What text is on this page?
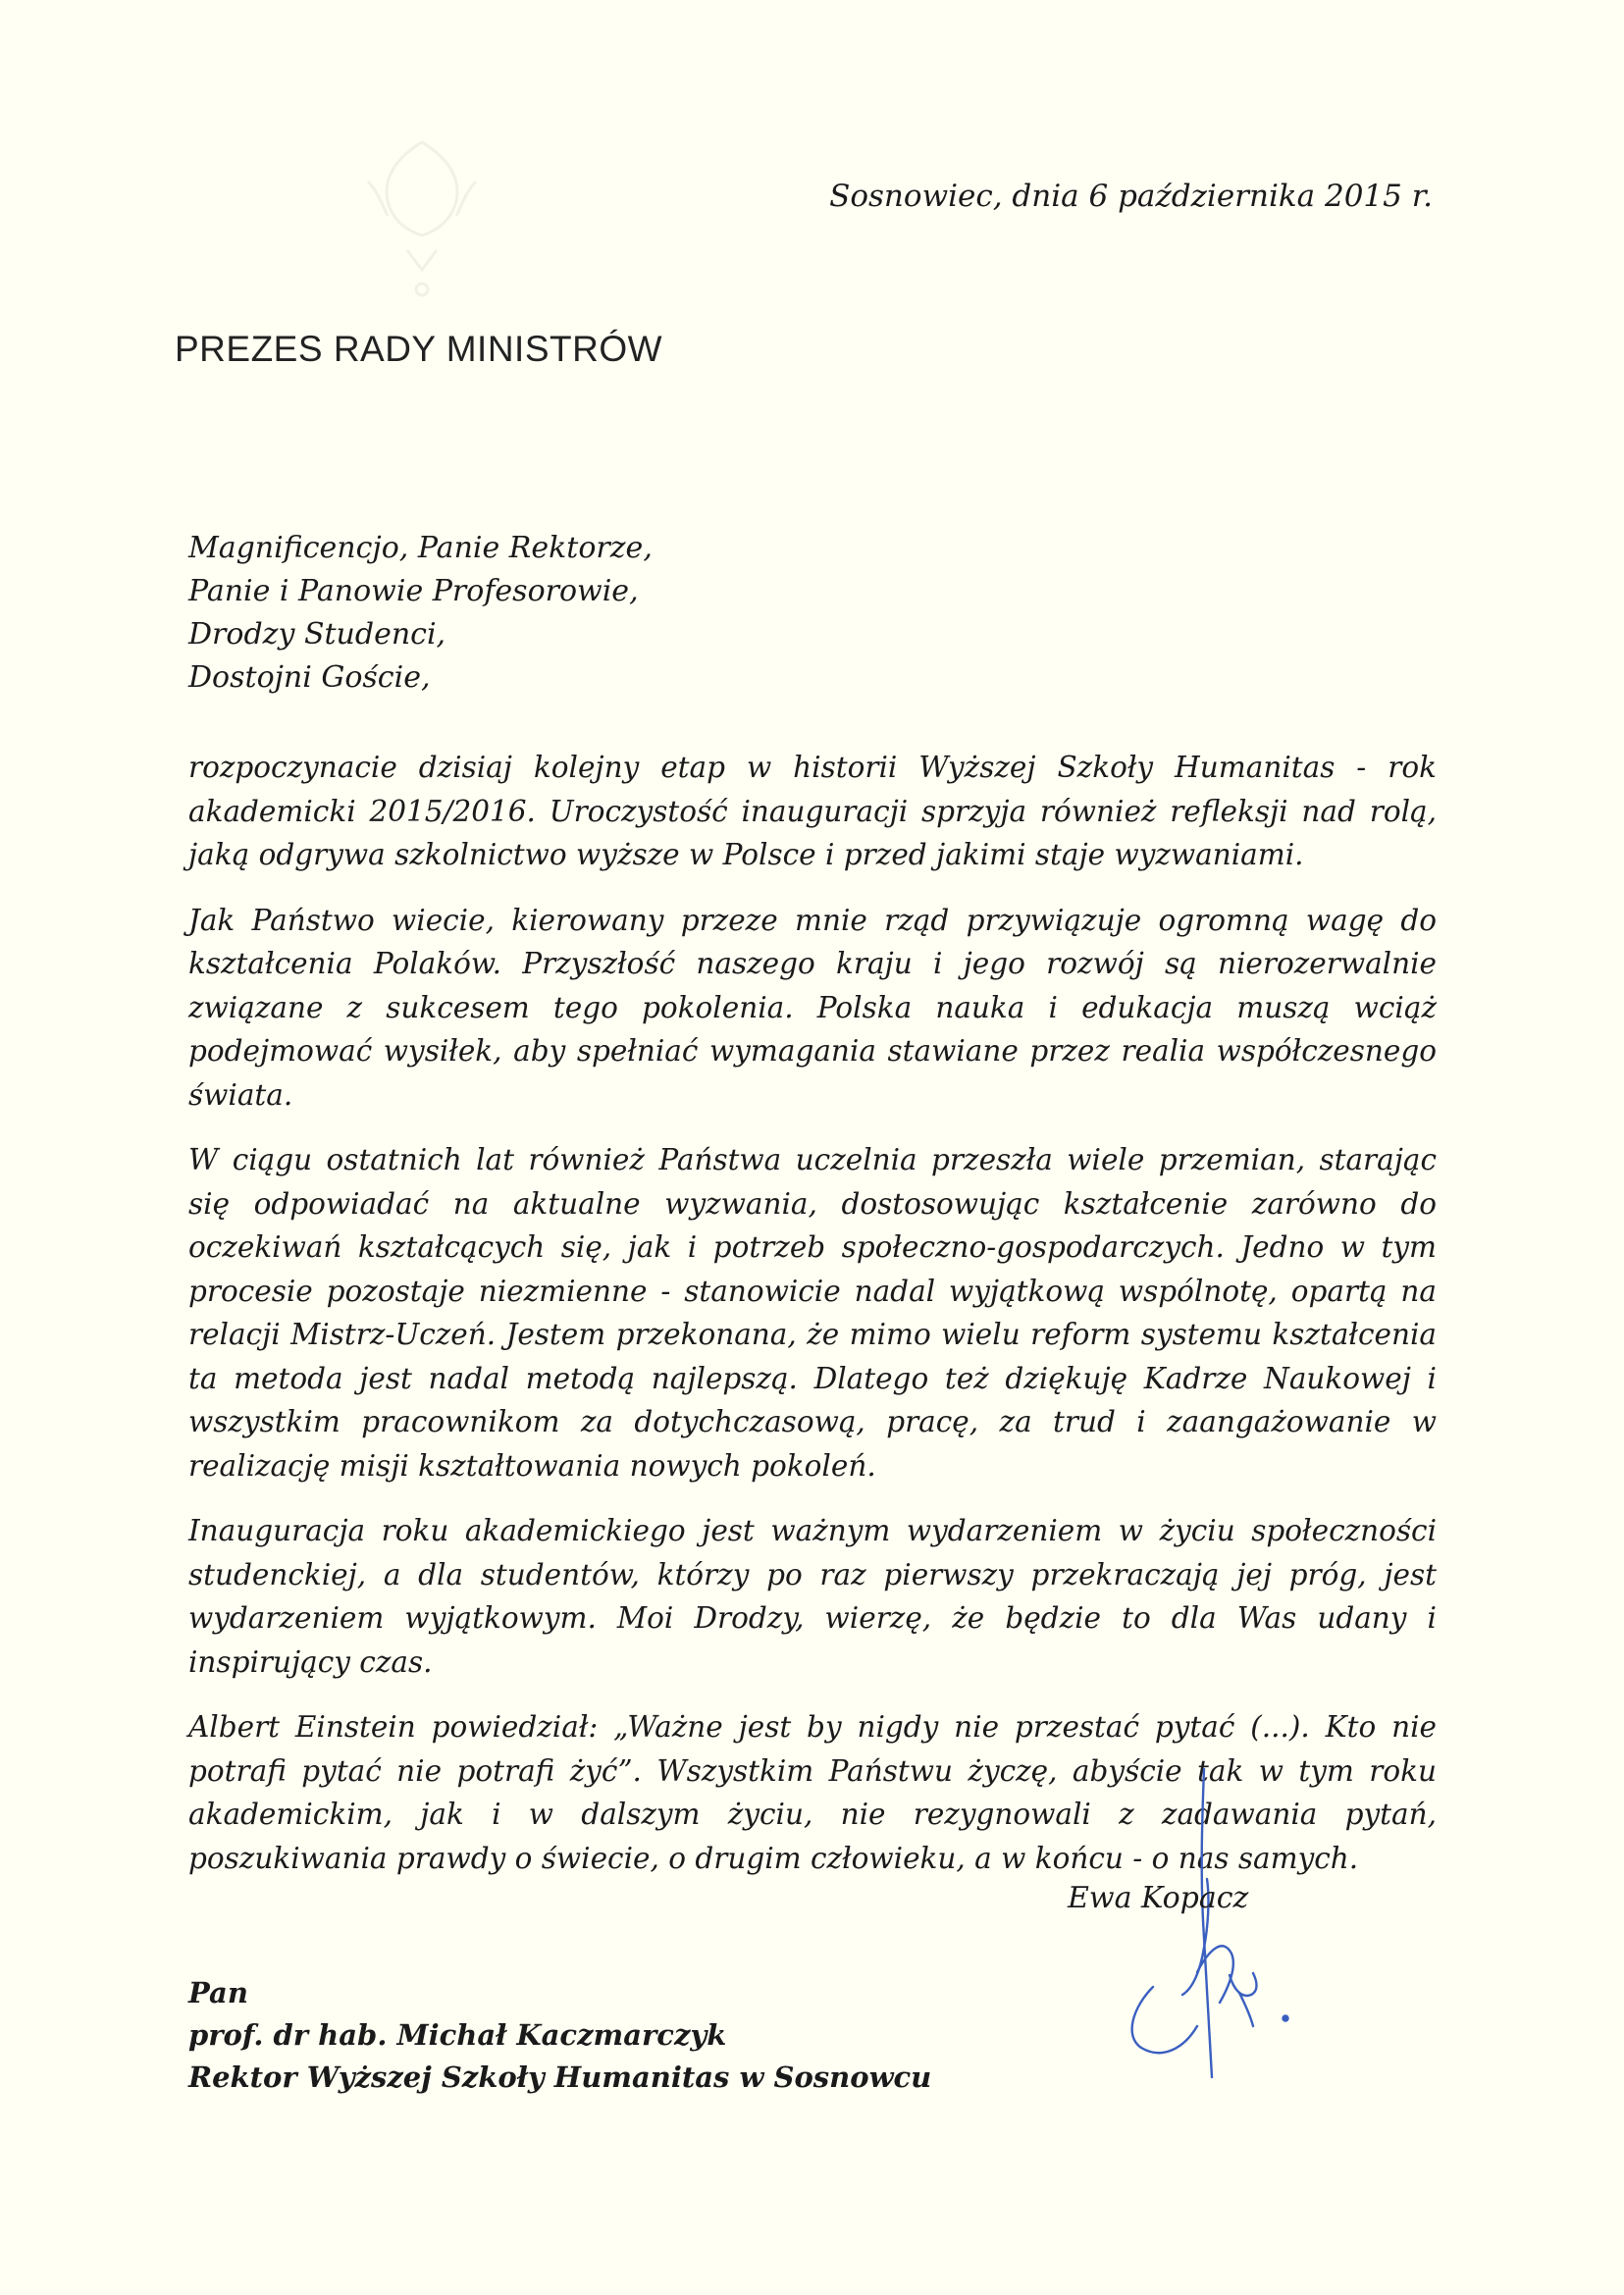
Sosnowiec, dnia 6 października 2015 r.
PREZES RADY MINISTRÓW
Magnificencjo, Panie Rektorze,
Panie i Panowie Profesorowie,
Drodzy Studenci,
Dostojni Goście,

rozpoczynacie dzisiaj kolejny etap w historii Wyższej Szkoły Humanitas - rok akademicki 2015/2016. Uroczystość inauguracji sprzyja również refleksji nad rolą, jaką odgrywa szkolnictwo wyższe w Polsce i przed jakimi staje wyzwaniami.

Jak Państwo wiecie, kierowany przeze mnie rząd przywiązuje ogromną wagę do kształcenia Polaków. Przyszłość naszego kraju i jego rozwój są nierozerwalnie związane z sukcesem tego pokolenia. Polska nauka i edukacja muszą wciąż podejmować wysiłek, aby spełniać wymagania stawiane przez realia współczesnego świata.

W ciągu ostatnich lat również Państwa uczelnia przeszła wiele przemian, starając się odpowiadać na aktualne wyzwania, dostosowując kształcenie zarówno do oczekiwań kształcących się, jak i potrzeb społeczno-gospodarczych. Jedno w tym procesie pozostaje niezmienne - stanowicie nadal wyjątkową wspólnotę, opartą na relacji Mistrz-Uczeń. Jestem przekonana, że mimo wielu reform systemu kształcenia ta metoda jest nadal metodą najlepszą. Dlatego też dziękuję Kadrze Naukowej i wszystkim pracownikom za dotychczasową, pracę, za trud i zaangażowanie w realizację misji kształtowania nowych pokoleń.

Inauguracja roku akademickiego jest ważnym wydarzeniem w życiu społeczności studenckiej, a dla studentów, którzy po raz pierwszy przekraczają jej próg, jest wydarzeniem wyjątkowym. Moi Drodzy, wierzę, że będzie to dla Was udany i inspirujący czas.

Albert Einstein powiedział: „Ważne jest by nigdy nie przestać pytać (...). Kto nie potrafi pytać nie potrafi żyć”. Wszystkim Państwu życzę, abyście tak w tym roku akademickim, jak i w dalszym życiu, nie rezygnowali z zadawania pytań, poszukiwania prawdy o świecie, o drugim człowieku, a w końcu - o nas samych.

Ewa Kopacz
Pan
prof. dr hab. Michał Kaczmarczyk
Rektor Wyższej Szkoły Humanitas w Sosnowcu
